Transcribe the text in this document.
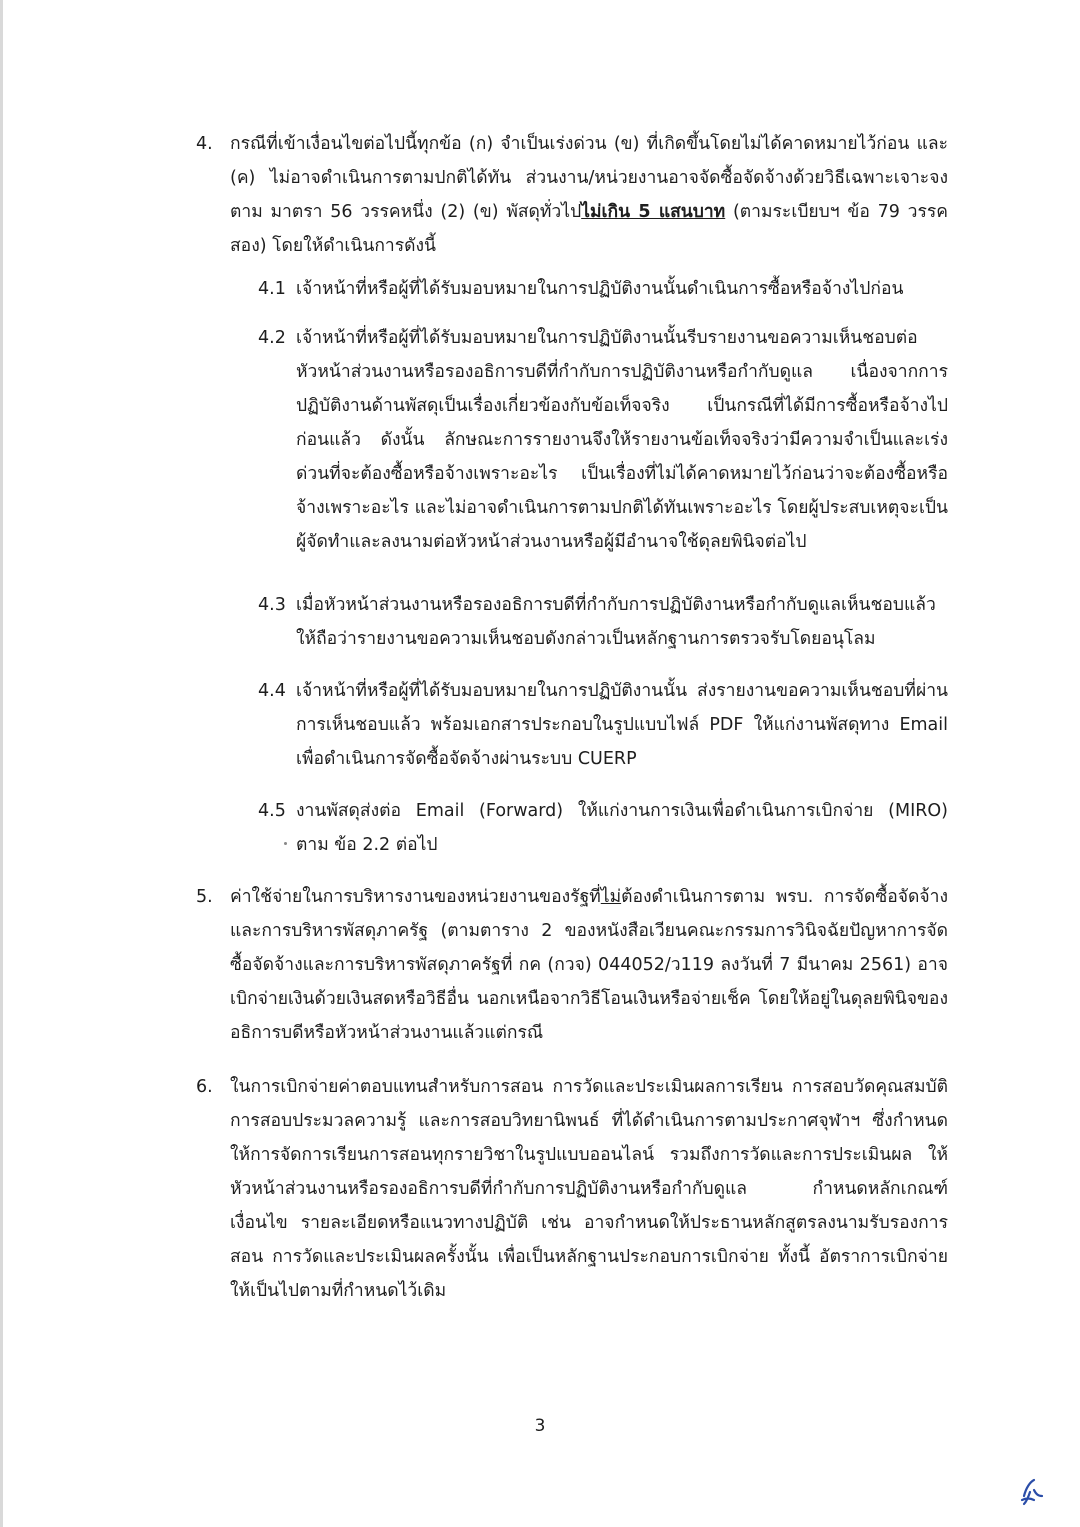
4. กรณีที่เข้าเงื่อนไขต่อไปนี้ทุกข้อ (ก) จำเป็นเร่งด่วน (ข) ที่เกิดขึ้นโดยไม่ได้คาดหมายไว้ก่อน และ (ค) ไม่อาจดำเนินการตามปกติได้ทัน ส่วนงาน/หน่วยงานอาจจัดซื้อจัดจ้างด้วยวิธีเฉพาะเจาะจง ตาม มาตรา 56 วรรคหนึ่ง (2) (ข) พัสดุทั่วไปไม่เกิน 5 แสนบาท (ตามระเบียบฯ ข้อ 79 วรรคสอง) โดยให้ดำเนินการดังนี้
4.1 เจ้าหน้าที่หรือผู้ที่ได้รับมอบหมายในการปฏิบัติงานนั้นดำเนินการซื้อหรือจ้างไปก่อน
4.2 เจ้าหน้าที่หรือผู้ที่ได้รับมอบหมายในการปฏิบัติงานนั้นรีบรายงานขอความเห็นชอบต่อหัวหน้าส่วนงานหรือรองอธิการบดีที่กำกับการปฏิบัติงานหรือกำกับดูแล เนื่องจากการปฏิบัติงานด้านพัสดุเป็นเรื่องเกี่ยวข้องกับข้อเท็จจริง เป็นกรณีที่ได้มีการซื้อหรือจ้างไปก่อนแล้ว ดังนั้น ลักษณะการรายงานจึงให้รายงานข้อเท็จจริงว่ามีความจำเป็นและเร่งด่วนที่จะต้องซื้อหรือจ้างเพราะอะไร เป็นเรื่องที่ไม่ได้คาดหมายไว้ก่อนว่าจะต้องซื้อหรือจ้างเพราะอะไร และไม่อาจดำเนินการตามปกติได้ทันเพราะอะไร โดยผู้ประสบเหตุจะเป็นผู้จัดทำและลงนามต่อหัวหน้าส่วนงานหรือผู้มีอำนาจใช้ดุลยพินิจต่อไป
4.3 เมื่อหัวหน้าส่วนงานหรือรองอธิการบดีที่กำกับการปฏิบัติงานหรือกำกับดูแลเห็นชอบแล้ว ให้ถือว่ารายงานขอความเห็นชอบดังกล่าวเป็นหลักฐานการตรวจรับโดยอนุโลม
4.4 เจ้าหน้าที่หรือผู้ที่ได้รับมอบหมายในการปฏิบัติงานนั้น ส่งรายงานขอความเห็นชอบที่ผ่านการเห็นชอบแล้ว พร้อมเอกสารประกอบในรูปแบบไฟล์ PDF ให้แก่งานพัสดุทาง Email เพื่อดำเนินการจัดซื้อจัดจ้างผ่านระบบ CUERP
4.5 งานพัสดุส่งต่อ Email (Forward) ให้แก่งานการเงินเพื่อดำเนินการเบิกจ่าย (MIRO) ตาม ข้อ 2.2 ต่อไป
5. ค่าใช้จ่ายในการบริหารงานของหน่วยงานของรัฐที่ไม่ต้องดำเนินการตาม พรบ. การจัดซื้อจัดจ้างและการบริหารพัสดุภาครัฐ (ตามตาราง 2 ของหนังสือเวียนคณะกรรมการวินิจฉัยปัญหาการจัดซื้อจัดจ้างและการบริหารพัสดุภาครัฐที่ กค (กวจ) 044052/ว119 ลงวันที่ 7 มีนาคม 2561) อาจเบิกจ่ายเงินด้วยเงินสดหรือวิธีอื่น นอกเหนือจากวิธีโอนเงินหรือจ่ายเช็ค โดยให้อยู่ในดุลยพินิจของอธิการบดีหรือหัวหน้าส่วนงานแล้วแต่กรณี
6. ในการเบิกจ่ายค่าตอบแทนสำหรับการสอน การวัดและประเมินผลการเรียน การสอบวัดคุณสมบัติ การสอบประมวลความรู้ และการสอบวิทยานิพนธ์ ที่ได้ดำเนินการตามประกาศจุฬาฯ ซึ่งกำหนดให้การจัดการเรียนการสอนทุกรายวิชาในรูปแบบออนไลน์ รวมถึงการวัดและการประเมินผล ให้หัวหน้าส่วนงานหรือรองอธิการบดีที่กำกับการปฏิบัติงานหรือกำกับดูแล กำหนดหลักเกณฑ์ เงื่อนไข รายละเอียดหรือแนวทางปฏิบัติ เช่น อาจกำหนดให้ประธานหลักสูตรลงนามรับรองการสอน การวัดและประเมินผลครั้งนั้น เพื่อเป็นหลักฐานประกอบการเบิกจ่าย ทั้งนี้ อัตราการเบิกจ่ายให้เป็นไปตามที่กำหนดไว้เดิม
3
